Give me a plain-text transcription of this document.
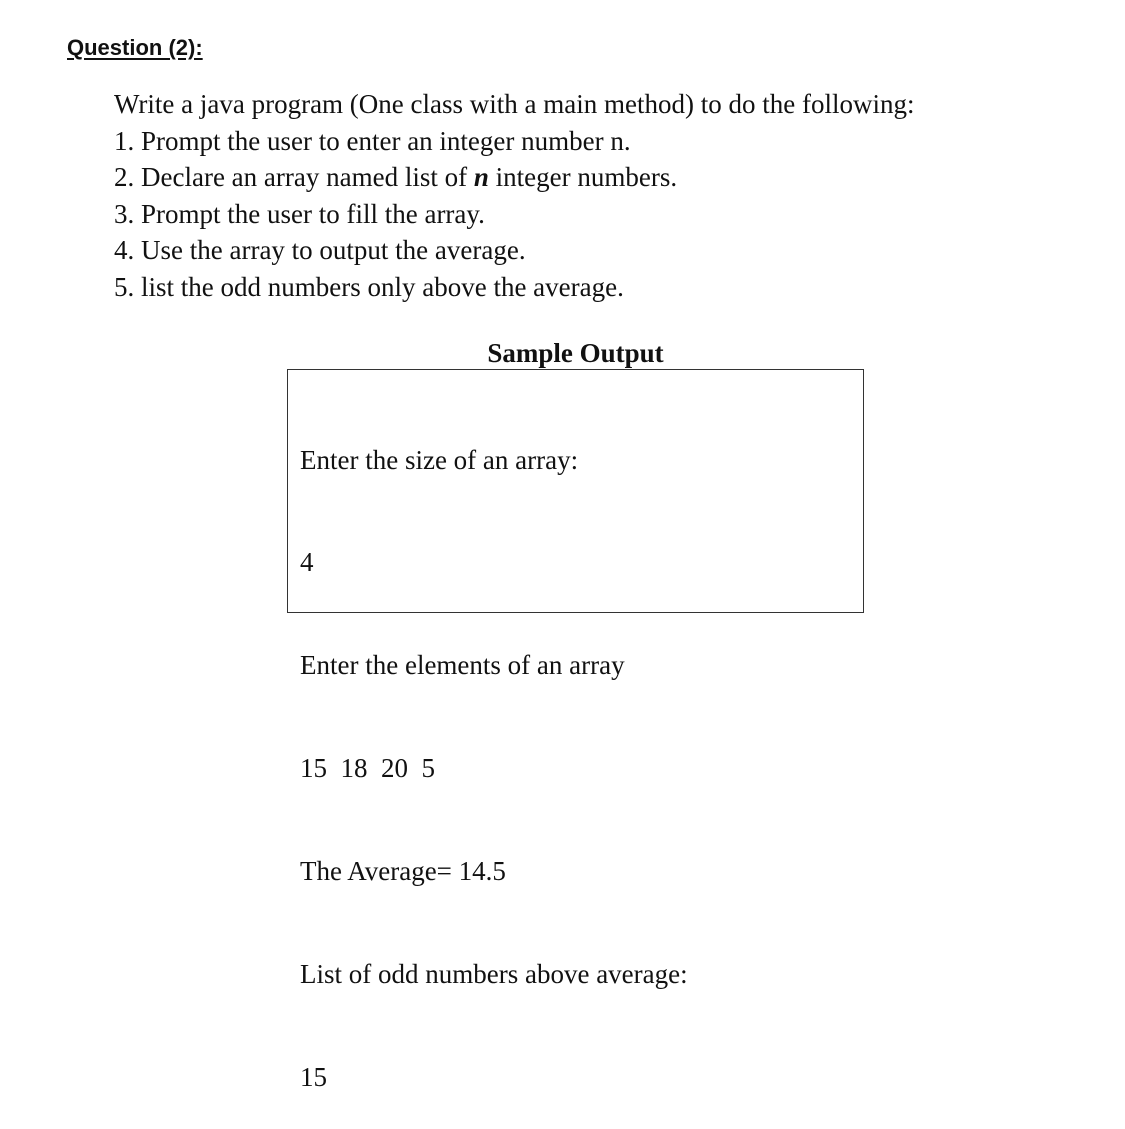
Question (2):
Write a java program (One class with a main method) to do the following:
1. Prompt the user to enter an integer number n.
2. Declare an array named list of n integer numbers.
3. Prompt the user to fill the array.
4. Use the array to output the average.
5. list the odd numbers only above the average.
Sample Output

Enter the size of an array:

4

Enter the elements of an array

15  18  20  5

The Average= 14.5

List of odd numbers above average:

15
